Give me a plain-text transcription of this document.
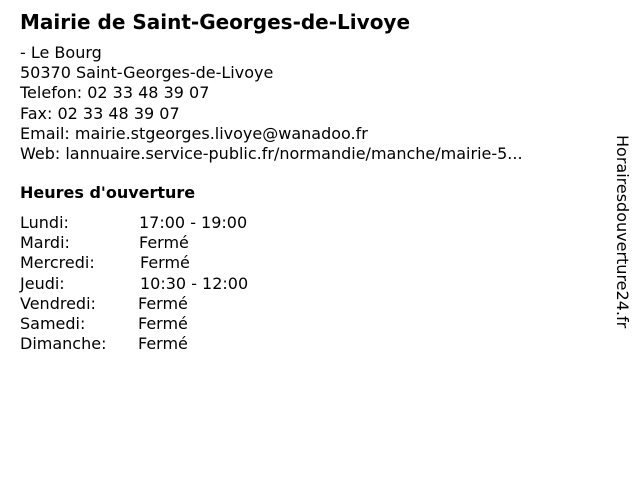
Mairie de Saint-Georges-de-Livoye
- Le Bourg
50370 Saint-Georges-de-Livoye
Telefon: 02 33 48 39 07
Fax: 02 33 48 39 07
Email: mairie.stgeorges.livoye@wanadoo.fr
Web: lannuaire.service-public.fr/normandie/manche/mairie-5...
Heures d'ouverture
Lundi:	17:00 - 19:00
Mardi:	Fermé
Mercredi:	Fermé
Jeudi:	10:30 - 12:00
Vendredi:	Fermé
Samedi:	Fermé
Dimanche: Fermé
Horairesdouverture24.fr
